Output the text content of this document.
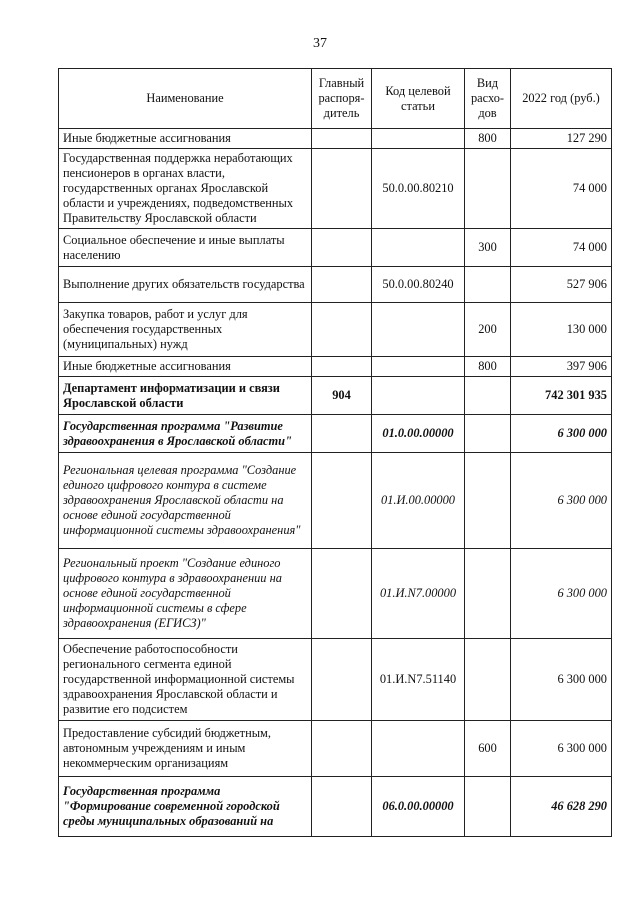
37
Наименование	Главный распоря-дитель	Код целевой статьи	Вид расхо-дов	2022 год (руб.)
Иные бюджетные ассигнования			800	127 290
Государственная поддержка неработающих пенсионеров в органах власти, государственных органах Ярославской области и учреждениях, подведомственных Правительству Ярославской области		50.0.00.80210		74 000
Социальное обеспечение и иные выплаты населению			300	74 000
Выполнение других обязательств государства		50.0.00.80240		527 906
Закупка товаров, работ и услуг для обеспечения государственных (муниципальных) нужд			200	130 000
Иные бюджетные ассигнования			800	397 906
Департамент информатизации и связи Ярославской области	904			742 301 935
Государственная программа "Развитие здравоохранения в Ярославской области"		01.0.00.00000		6 300 000
Региональная целевая программа "Создание единого цифрового контура в системе здравоохранения Ярославской области на основе единой государственной информационной системы здравоохранения"		01.И.00.00000		6 300 000
Региональный проект "Создание единого цифрового контура в здравоохранении на основе единой государственной информационной системы в сфере здравоохранения (ЕГИСЗ)"		01.И.N7.00000		6 300 000
Обеспечение работоспособности регионального сегмента единой государственной информационной системы здравоохранения Ярославской области и развитие его подсистем		01.И.N7.51140		6 300 000
Предоставление субсидий бюджетным, автономным учреждениям и иным некоммерческим организациям			600	6 300 000
Государственная программа "Формирование современной городской среды муниципальных образований на		06.0.00.00000		46 628 290
